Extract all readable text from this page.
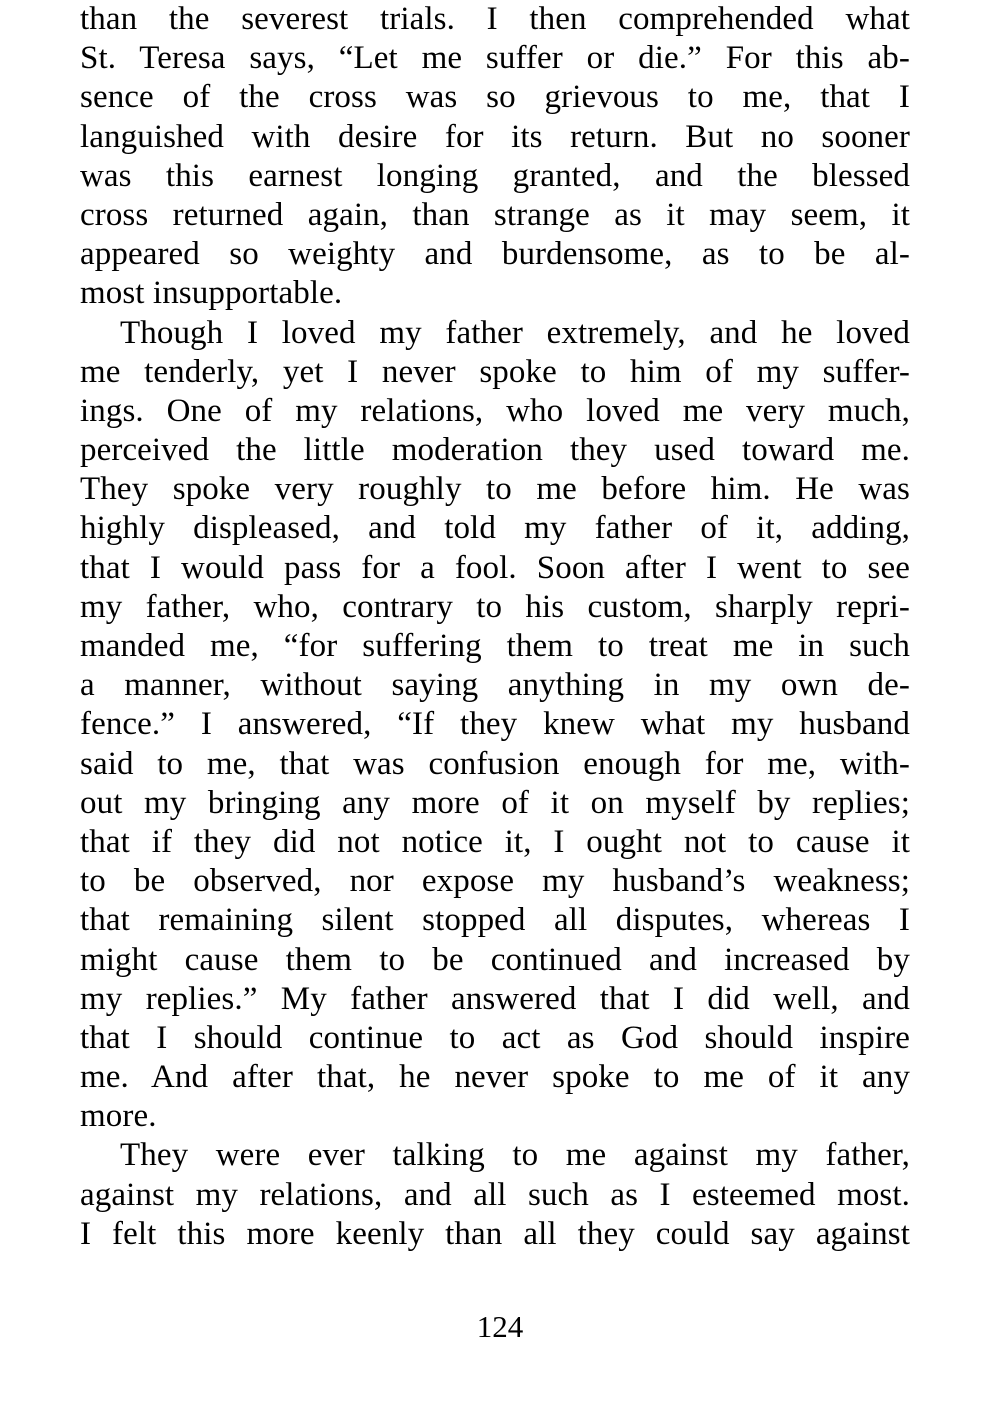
than the severest trials. I then comprehended what
St. Teresa says, “Let me suffer or die.” For this ab-
sence of the cross was so grievous to me, that I
languished with desire for its return. But no sooner
was this earnest longing granted, and the blessed
cross returned again, than strange as it may seem, it
appeared so weighty and burdensome, as to be al-
most insupportable.
Though I loved my father extremely, and he loved
me tenderly, yet I never spoke to him of my suffer-
ings. One of my relations, who loved me very much,
perceived the little moderation they used toward me.
They spoke very roughly to me before him. He was
highly displeased, and told my father of it, adding,
that I would pass for a fool. Soon after I went to see
my father, who, contrary to his custom, sharply repri-
manded me, “for suffering them to treat me in such
a manner, without saying anything in my own de-
fence.” I answered, “If they knew what my husband
said to me, that was confusion enough for me, with-
out my bringing any more of it on myself by replies;
that if they did not notice it, I ought not to cause it
to be observed, nor expose my husband’s weakness;
that remaining silent stopped all disputes, whereas I
might cause them to be continued and increased by
my replies.” My father answered that I did well, and
that I should continue to act as God should inspire
me. And after that, he never spoke to me of it any
more.
They were ever talking to me against my father,
against my relations, and all such as I esteemed most.
I felt this more keenly than all they could say against
124
